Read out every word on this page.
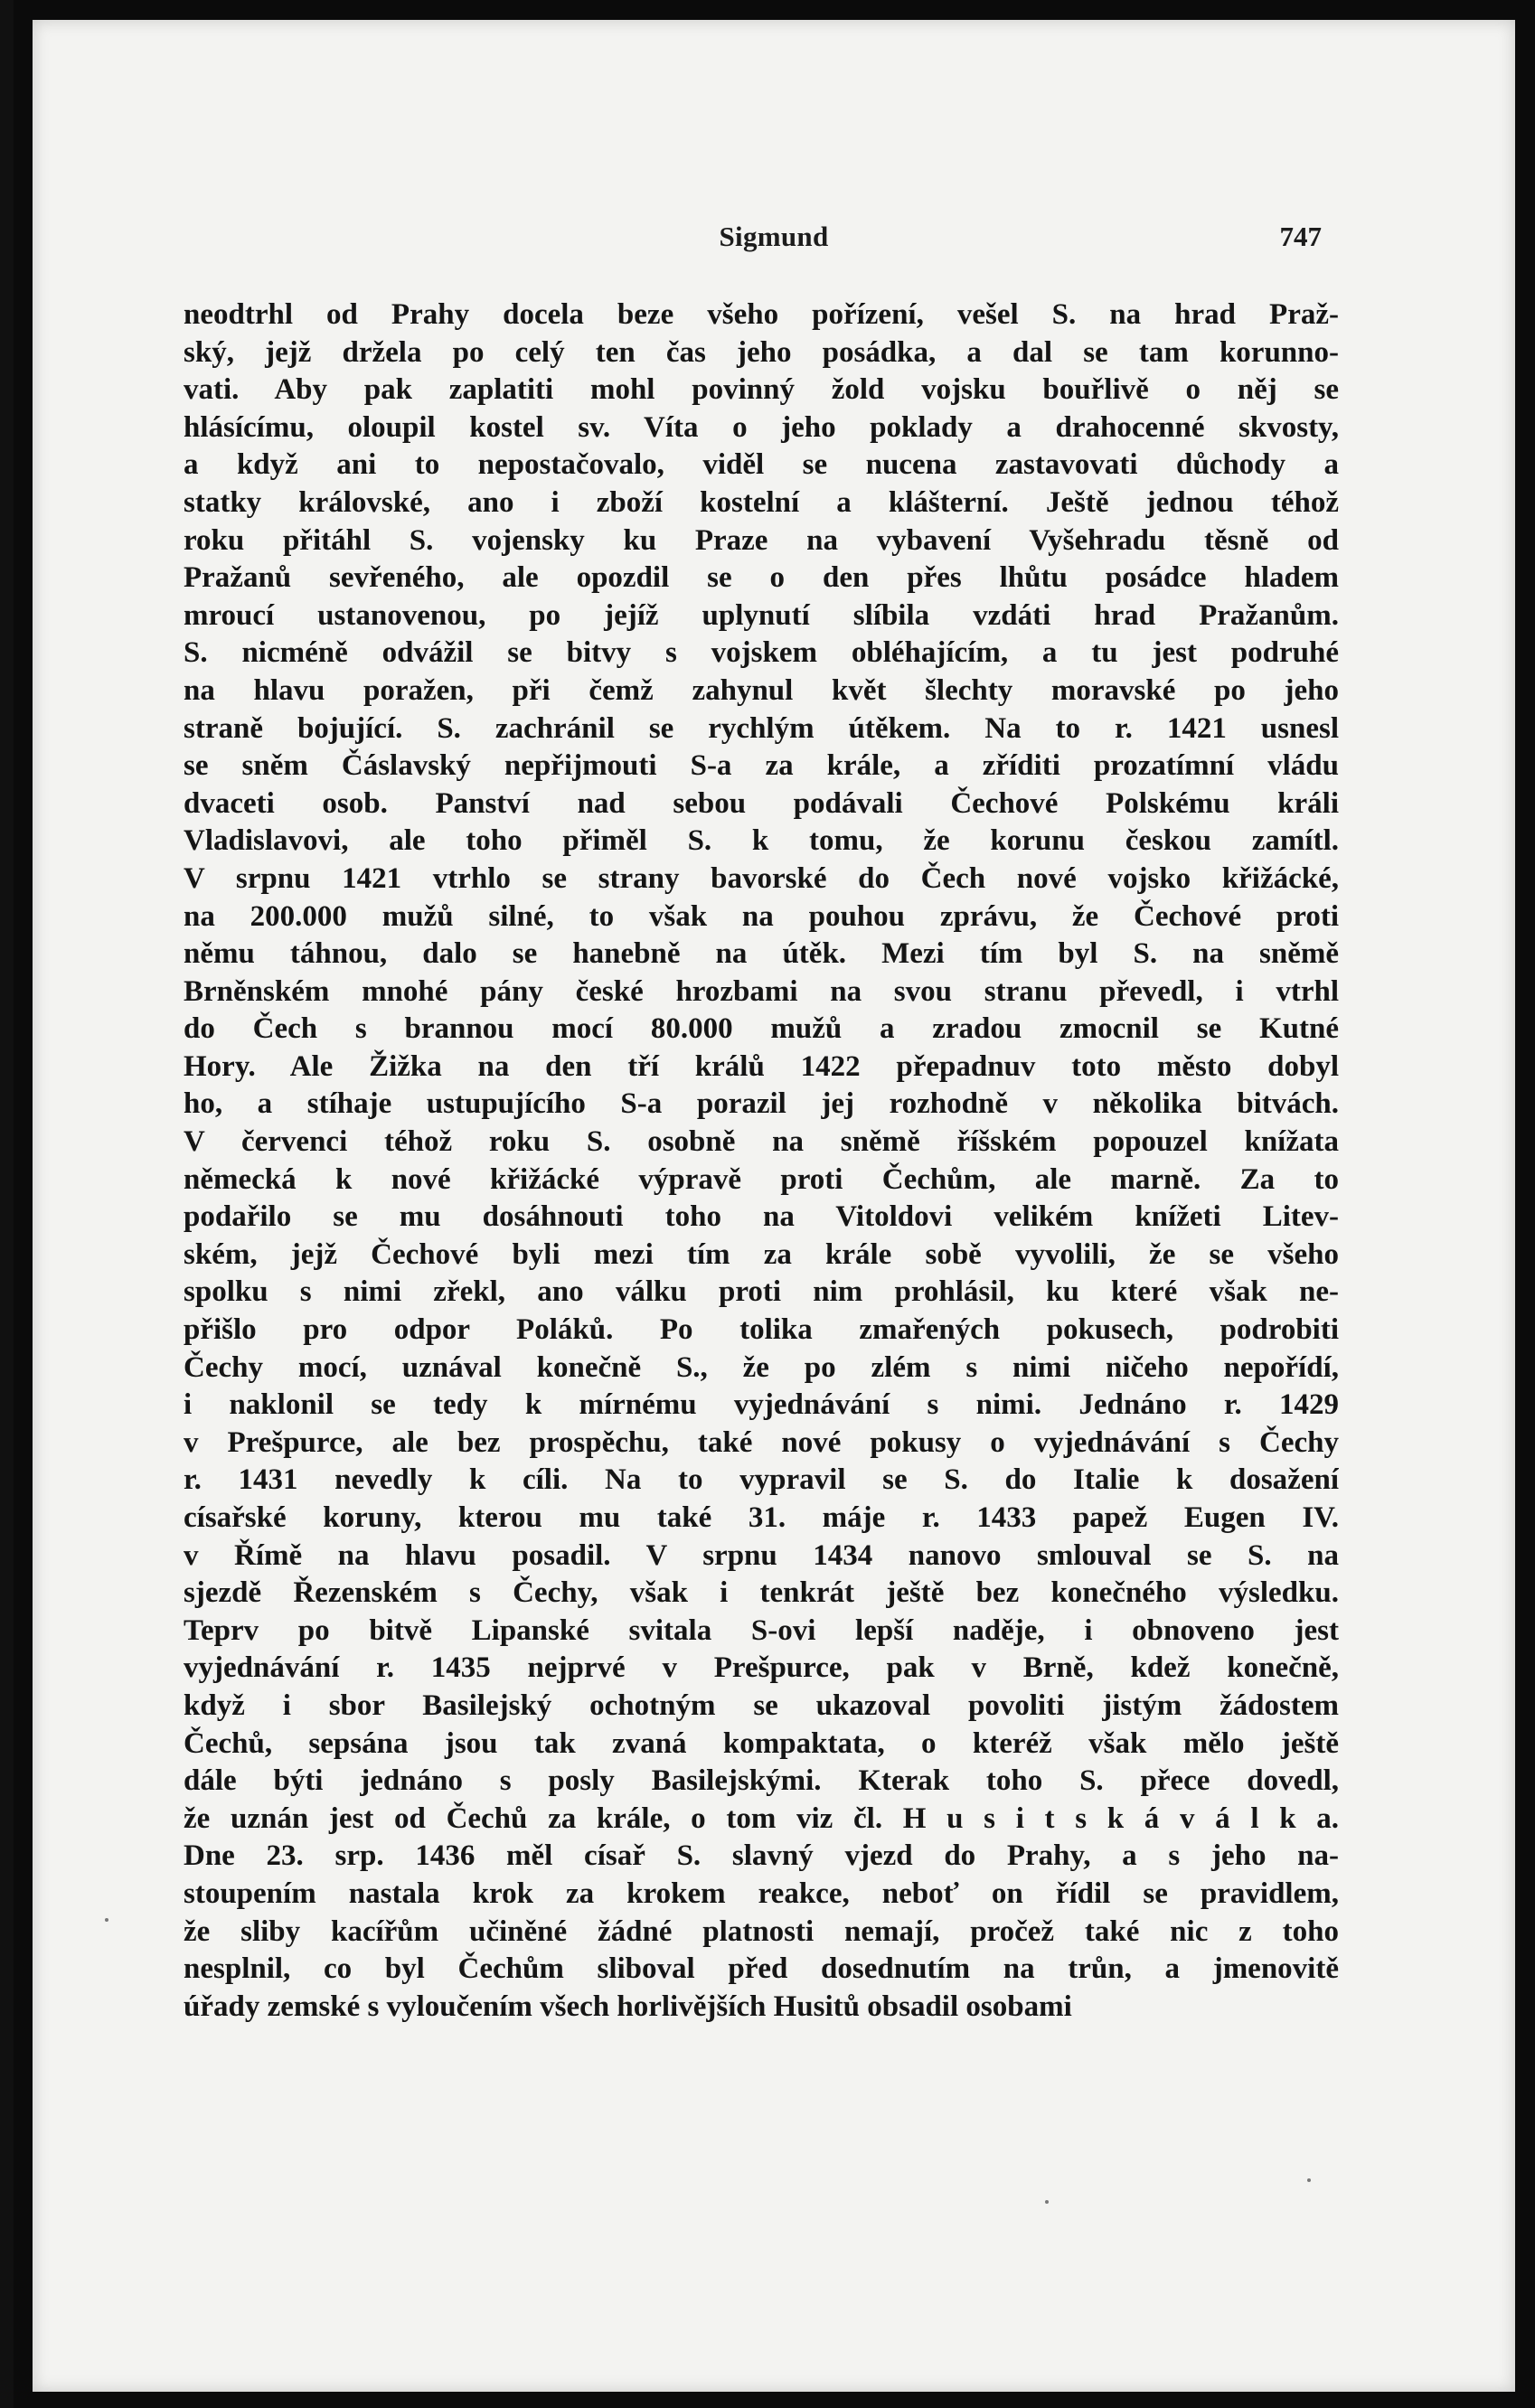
Sigmund	747
neodtrhl od Prahy docela beze všeho pořízení, vešel S. na hrad Praž-
ský, jejž držela po celý ten čas jeho posádka, a dal se tam korunno-
vati. Aby pak zaplatiti mohl povinný žold vojsku bouřlivě o něj se
hlásícímu, oloupil kostel sv. Víta o jeho poklady a drahocenné skvosty,
a když ani to nepostačovalo, viděl se nucena zastavovati důchody a
statky královské, ano i zboží kostelní a klášterní. Ještě jednou téhož
roku přitáhl S. vojensky ku Praze na vybavení Vyšehradu těsně od
Pražanů sevřeného, ale opozdil se o den přes lhůtu posádce hladem
mroucí ustanovenou, po jejíž uplynutí slíbila vzdáti hrad Pražanům.
S. nicméně odvážil se bitvy s vojskem obléhajícím, a tu jest podruhé
na hlavu poražen, při čemž zahynul květ šlechty moravské po jeho
straně bojující. S. zachránil se rychlým útěkem. Na to r. 1421 usnesl
se sněm Čáslavský nepřijmouti S-a za krále, a zříditi prozatímní vládu
dvaceti osob. Panství nad sebou podávali Čechové Polskému králi
Vladislavovi, ale toho přiměl S. k tomu, že korunu českou zamítl.
V srpnu 1421 vtrhlo se strany bavorské do Čech nové vojsko křižácké,
na 200.000 mužů silné, to však na pouhou zprávu, že Čechové proti
němu táhnou, dalo se hanebně na útěk. Mezi tím byl S. na sněmě
Brněnském mnohé pány české hrozbami na svou stranu převedl, i vtrhl
do Čech s brannou mocí 80.000 mužů a zradou zmocnil se Kutné
Hory. Ale Žižka na den tří králů 1422 přepadnuv toto město dobyl
ho, a stíhaje ustupujícího S-a porazil jej rozhodně v několika bitvách.
V červenci téhož roku S. osobně na sněmě říšském popouzel knížata
německá k nové křižácké výpravě proti Čechům, ale marně. Za to
podařilo se mu dosáhnouti toho na Vitoldovi velikém knížeti Litev-
ském, jejž Čechové byli mezi tím za krále sobě vyvolili, že se všeho
spolku s nimi zřekl, ano válku proti nim prohlásil, ku které však ne-
přišlo pro odpor Poláků. Po tolika zmařených pokusech, podrobiti
Čechy mocí, uznával konečně S., že po zlém s nimi ničeho nepořídí,
i naklonil se tedy k mírnému vyjednávání s nimi. Jednáno r. 1429
v Prešpurce, ale bez prospěchu, také nové pokusy o vyjednávání s Čechy
r. 1431 nevedly k cíli. Na to vypravil se S. do Italie k dosažení
císařské koruny, kterou mu také 31. máje r. 1433 papež Eugen IV.
v Římě na hlavu posadil. V srpnu 1434 nanovo smlouval se S. na
sjezdě Řezenském s Čechy, však i tenkrát ještě bez konečného výsledku.
Teprv po bitvě Lipanské svitala S-ovi lepší naděje, i obnoveno jest
vyjednávání r. 1435 nejprvé v Prešpurce, pak v Brně, kdež konečně,
když i sbor Basilejský ochotným se ukazoval povoliti jistým žádostem
Čechů, sepsána jsou tak zvaná kompaktata, o kteréž však mělo ještě
dále býti jednáno s posly Basilejskými. Kterak toho S. přece dovedl,
že uznán jest od Čechů za krále, o tom viz čl. H u s i t s k á v á l k a.
Dne 23. srp. 1436 měl císař S. slavný vjezd do Prahy, a s jeho na-
stoupením nastala krok za krokem reakce, neboť on řídil se pravidlem,
že sliby kacířům učiněné žádné platnosti nemají, pročež také nic z toho
nesplnil, co byl Čechům sliboval před dosednutím na trůn, a jmenovitě
úřady zemské s vyloučením všech horlivějších Husitů obsadil osobami
